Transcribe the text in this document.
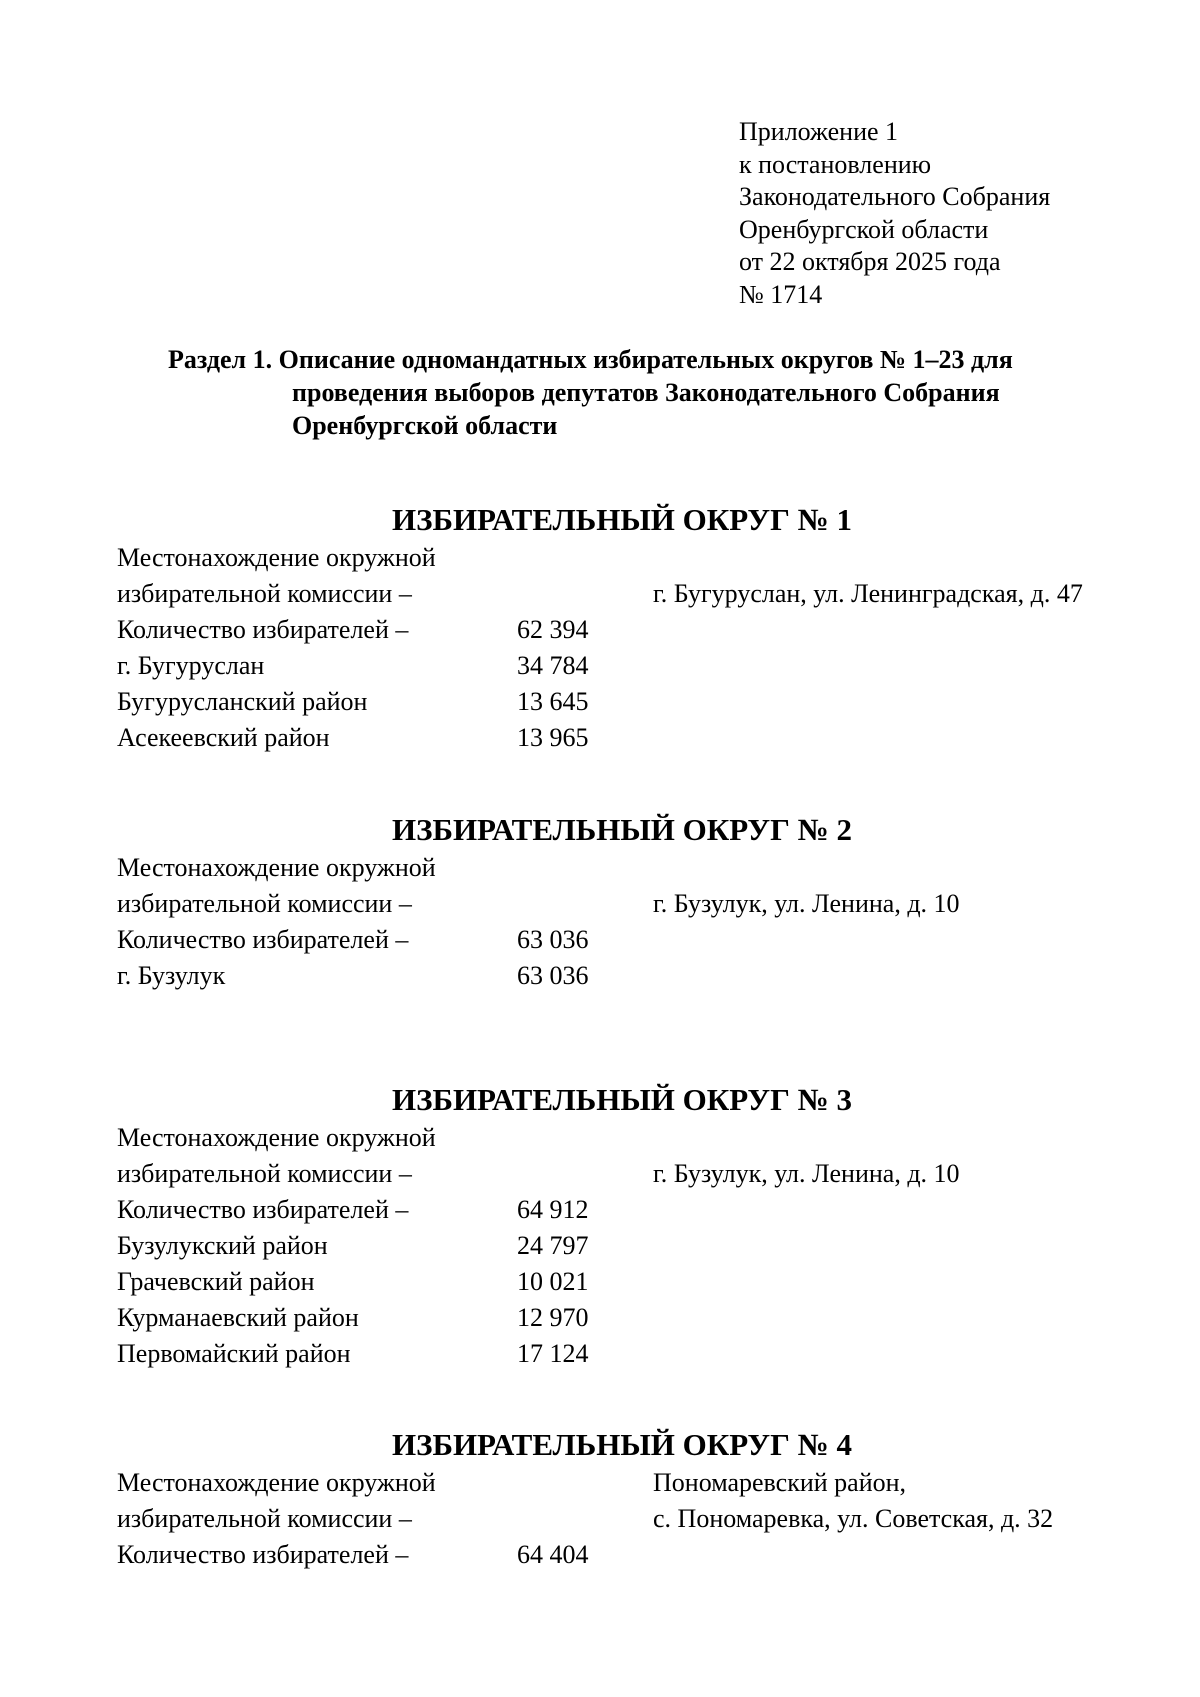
Приложение 1
к постановлению
Законодательного Собрания
Оренбургской области
от 22 октября 2025 года
№ 1714
Раздел 1. Описание одномандатных избирательных округов № 1–23 для
проведения выборов депутатов Законодательного Собрания
Оренбургской области
ИЗБИРАТЕЛЬНЫЙ ОКРУГ № 1
Местонахождение окружной
избирательной комиссии –	г. Бугуруслан, ул. Ленинградская, д. 47
Количество избирателей –	62 394
г. Бугуруслан	34 784
Бугурусланский район	13 645
Асекеевский район	13 965
ИЗБИРАТЕЛЬНЫЙ ОКРУГ № 2
Местонахождение окружной
избирательной комиссии –	г. Бузулук, ул. Ленина, д. 10
Количество избирателей –	63 036
г. Бузулук	63 036
ИЗБИРАТЕЛЬНЫЙ ОКРУГ № 3
Местонахождение окружной
избирательной комиссии –	г. Бузулук, ул. Ленина, д. 10
Количество избирателей –	64 912
Бузулукский район	24 797
Грачевский район	10 021
Курманаевский район	12 970
Первомайский район	17 124
ИЗБИРАТЕЛЬНЫЙ ОКРУГ № 4
Местонахождение окружной	Пономаревский район,
избирательной комиссии –	с. Пономаревка, ул. Советская, д. 32
Количество избирателей –	64 404
